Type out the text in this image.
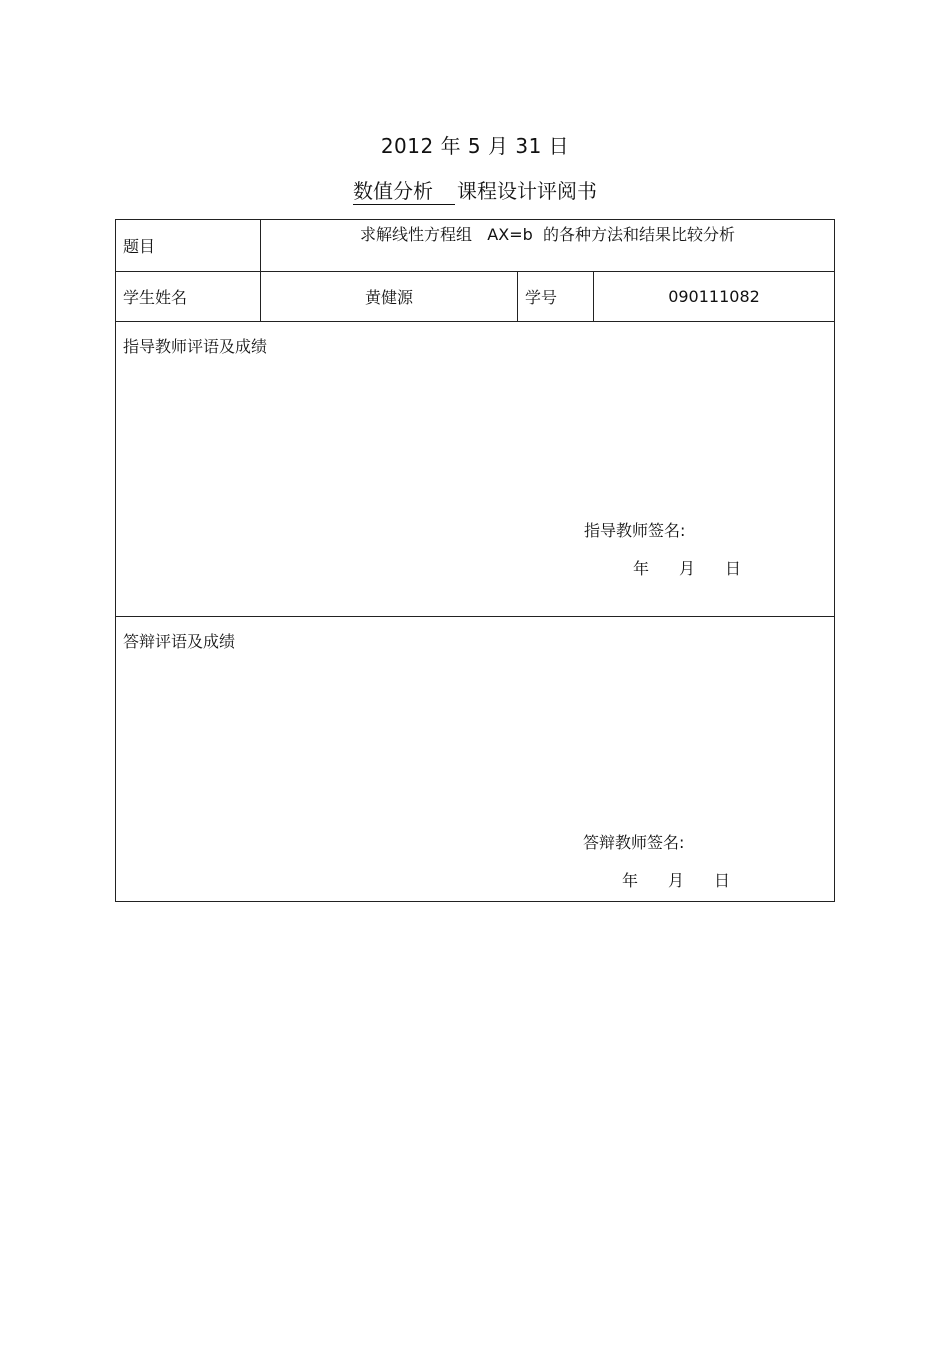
2012 年 5 月 31 日
数值分析 课程设计评阅书
题目	求解线性方程组   AX=b  的各种方法和结果比较分析		
学生姓名	黄健源	学号	090111082

指导教师评语及成绩
指导教师签名:
年 月 日			

答辩评语及成绩
答辩教师签名:
年 月 日			
